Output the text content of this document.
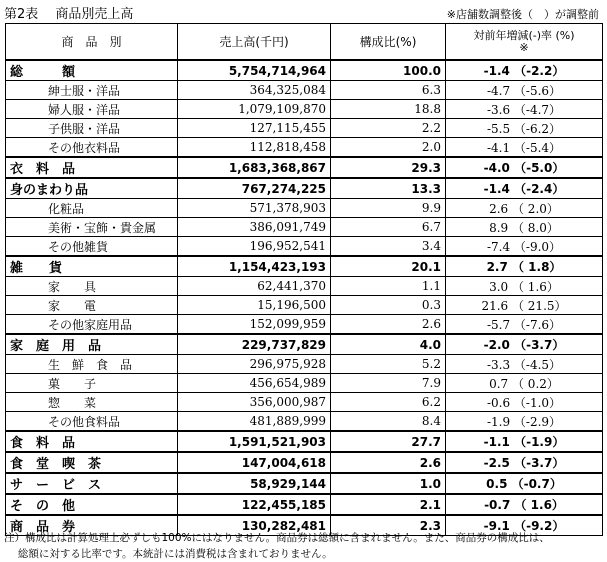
第2表　 商品別売上高	※店舗数調整後（　）が調整前
商　品　別	売上高(千円)	構成比(%)	対前年増減(-)率 (%)
※

総　　　額	5,754,714,964	100.0	-1.4 （-2.2）
紳士服・洋品	364,325,084	6.3	-4.7 （-5.6）
婦人服・洋品	1,079,109,870	18.8	-3.6 （-4.7）
子供服・洋品	127,115,455	2.2	-5.5 （-6.2）
その他衣料品	112,818,458	2.0	-4.1 （-5.4）
衣　料　品	1,683,368,867	29.3	-4.0 （-5.0）
身のまわり品	767,274,225	13.3	-1.4 （-2.4）
化粧品	571,378,903	9.9	2.6 （ 2.0）
美術・宝飾・貴金属	386,091,749	6.7	8.9 （ 8.0）
その他雑貨	196,952,541	3.4	-7.4 （-9.0）
雑　　貨	1,154,423,193	20.1	2.7 （ 1.8）
家　　具	62,441,370	1.1	3.0 （ 1.6）
家　　電	15,196,500	0.3	21.6 （ 21.5）
その他家庭用品	152,099,959	2.6	-5.7 （-7.6）
家　庭　用　品	229,737,829	4.0	-2.0 （-3.7）
生　鮮　食　品	296,975,928	5.2	-3.3 （-4.5）
菓　　子	456,654,989	7.9	0.7 （ 0.2）
惣　　菜	356,000,987	6.2	-0.6 （-1.0）
その他食料品	481,889,999	8.4	-1.9 （-2.9）
食　料　品	1,591,521,903	27.7	-1.1 （-1.9）
食　堂　喫　茶	147,004,618	2.6	-2.5 （-3.7）
サ　ー　ビ　ス	58,929,144	1.0	0.5 （-0.7）
そ　の　他	122,455,185	2.1	-0.7 （ 1.6）
商　品　券	130,282,481	2.3	-9.1 （-9.2）
注）構成比は計算処理上必ずしも100%にはなりません。商品券は総額に含まれません。また、商品券の構成比は、
　 総額に対する比率です。本統計には消費税は含まれておりません。
